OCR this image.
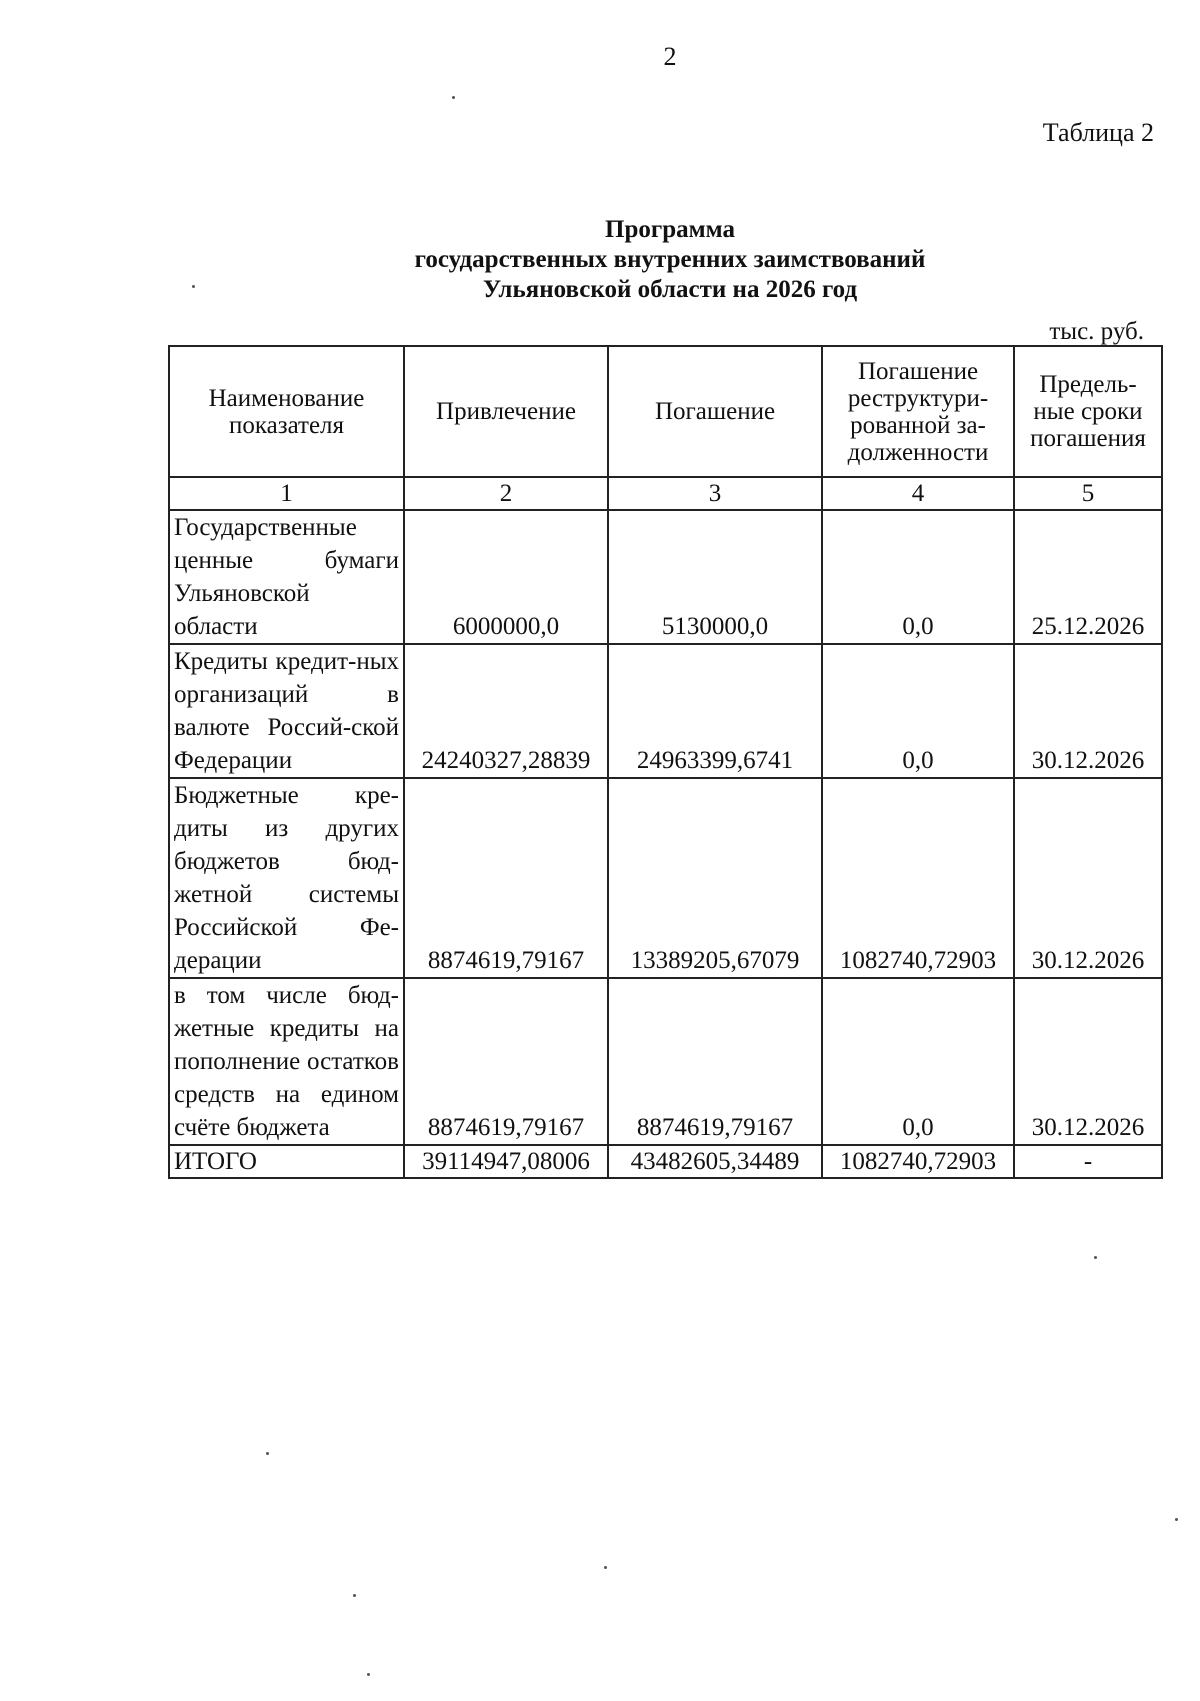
2
Таблица 2
Программа
государственных внутренних заимствований
Ульяновской области на 2026 год
тыс. руб.
Наименование показателя	Привлечение	Погашение	Погашение реструктури-рованной за-долженности	Предель-ные сроки погашения
1	2	3	4	5
Государственные ценные бумаги Ульяновской области	6000000,0	5130000,0	0,0	25.12.2026
Кредиты кредит-ных организаций в валюте Россий-ской Федерации	24240327,28839	24963399,6741	0,0	30.12.2026
Бюджетные кре-диты из других бюджетов бюд-жетной системы Российской Фе-дерации	8874619,79167	13389205,67079	1082740,72903	30.12.2026
в том числе бюд-жетные кредиты на пополнение остатков средств на едином счёте бюджета	8874619,79167	8874619,79167	0,0	30.12.2026
ИТОГО	39114947,08006	43482605,34489	1082740,72903	-
